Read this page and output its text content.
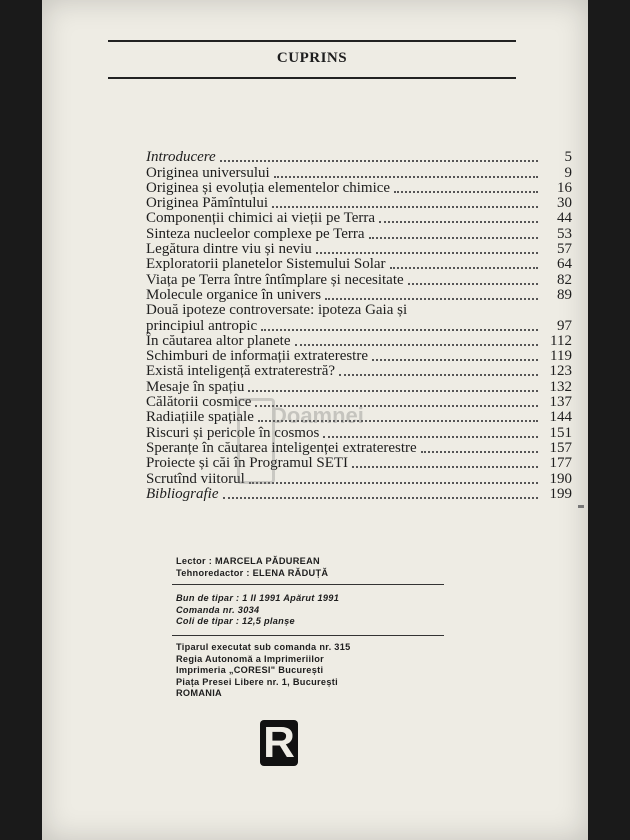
CUPRINS
Introducere	5
Originea universului	9
Originea și evoluția elementelor chimice	16
Originea Pămîntului	30
Componenții chimici ai vieții pe Terra	44
Sinteza nucleelor complexe pe Terra	53
Legătura dintre viu și neviu	57
Exploratorii planetelor Sistemului Solar	64
Viața pe Terra între întîmplare și necesitate	82
Molecule organice în univers	89
Două ipoteze controversate: ipoteza Gaia și
principiul antropic	97
În căutarea altor planete	112
Schimburi de informații extraterestre	119
Există inteligență extraterestră?	123
Mesaje în spațiu	132
Călătorii cosmice	137
Radiațiile spațiale	144
Riscuri și pericole în cosmos	151
Speranțe în căutarea inteligenței extraterestre	157
Proiecte și căi în Programul SETI	177
Scrutînd viitorul	190
Bibliografie	199
Lector : MARCELA PĂDUREAN
Tehnoredactor : ELENA RĂDUȚĂ
Bun de tipar : 1 II 1991 Apărut 1991
Comanda nr. 3034
Coli de tipar : 12,5 planșe
Tiparul executat sub comanda nr. 315
Regia Autonomă a Imprimeriilor
Imprimeria „CORESI" București
Piața Presei Libere nr. 1, București
ROMANIA
R
Doamnei
